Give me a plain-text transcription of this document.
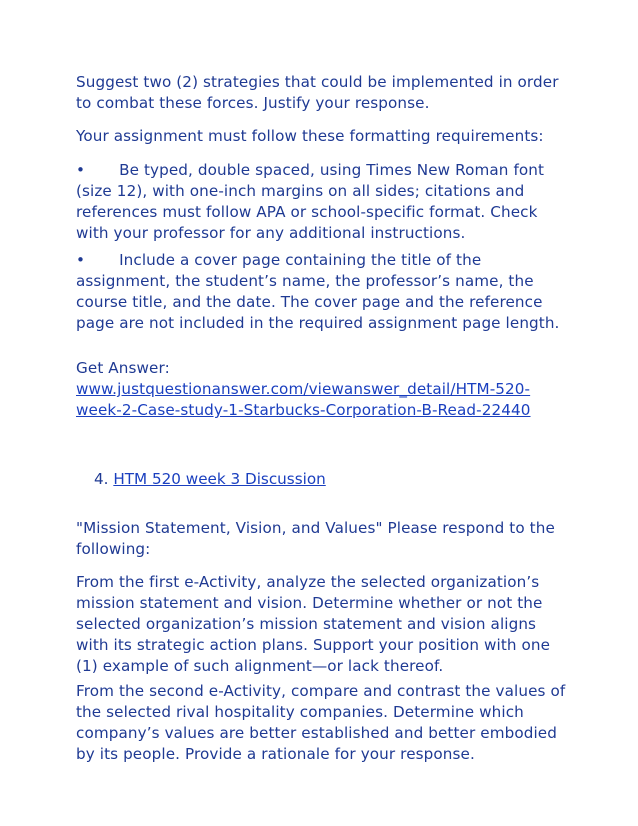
Suggest two (2) strategies that could be implemented in order
to combat these forces. Justify your response.

Your assignment must follow these formatting requirements:

• Be typed, double spaced, using Times New Roman font
(size 12), with one-inch margins on all sides; citations and
references must follow APA or school-specific format. Check
with your professor for any additional instructions.

• Include a cover page containing the title of the
assignment, the student’s name, the professor’s name, the
course title, and the date. The cover page and the reference
page are not included in the required assignment page length.

Get Answer:
www.justquestionanswer.com/viewanswer_detail/HTM-520-
week-2-Case-study-1-Starbucks-Corporation-B-Read-22440

4. HTM 520 week 3 Discussion

"Mission Statement, Vision, and Values" Please respond to the
following:

From the first e-Activity, analyze the selected organization’s
mission statement and vision. Determine whether or not the
selected organization’s mission statement and vision aligns
with its strategic action plans. Support your position with one
(1) example of such alignment—or lack thereof.

From the second e-Activity, compare and contrast the values of
the selected rival hospitality companies. Determine which
company’s values are better established and better embodied
by its people. Provide a rationale for your response.
